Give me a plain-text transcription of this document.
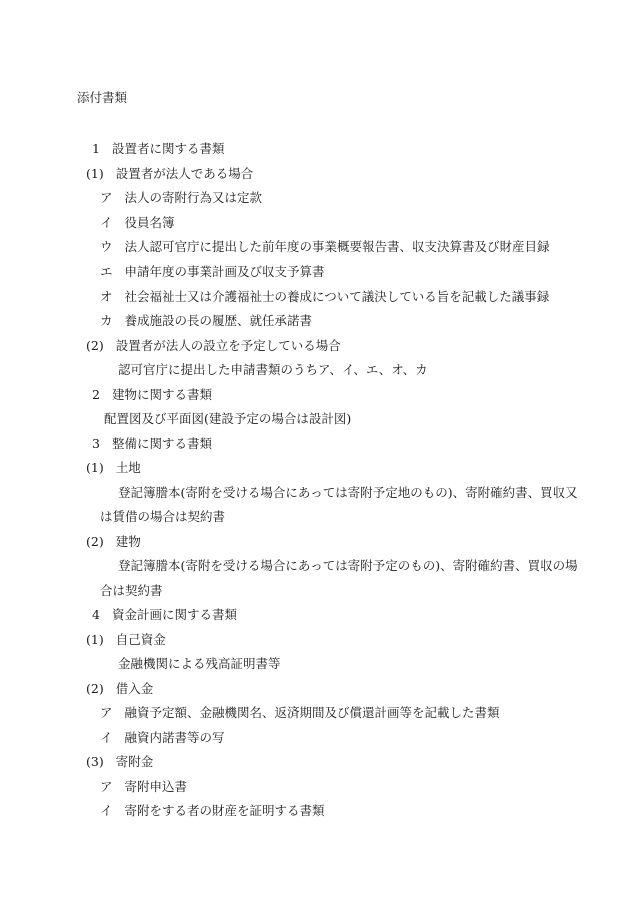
添付書類
1 設置者に関する書類
(1) 設置者が法人である場合
ア 法人の寄附行為又は定款
イ 役員名簿
ウ 法人認可官庁に提出した前年度の事業概要報告書、収支決算書及び財産目録
エ 申請年度の事業計画及び収支予算書
オ 社会福祉士又は介護福祉士の養成について議決している旨を記載した議事録
カ 養成施設の長の履歴、就任承諾書
(2) 設置者が法人の設立を予定している場合
認可官庁に提出した申請書類のうちア、イ、エ、オ、カ
2 建物に関する書類
配置図及び平面図(建設予定の場合は設計図)
3 整備に関する書類
(1) 土地
登記簿謄本(寄附を受ける場合にあっては寄附予定地のもの)、寄附確約書、買収又
は賃借の場合は契約書
(2) 建物
登記簿謄本(寄附を受ける場合にあっては寄附予定のもの)、寄附確約書、買収の場
合は契約書
4 資金計画に関する書類
(1) 自己資金
金融機関による残高証明書等
(2) 借入金
ア 融資予定額、金融機関名、返済期間及び償還計画等を記載した書類
イ 融資内諾書等の写
(3) 寄附金
ア 寄附申込書
イ 寄附をする者の財産を証明する書類
